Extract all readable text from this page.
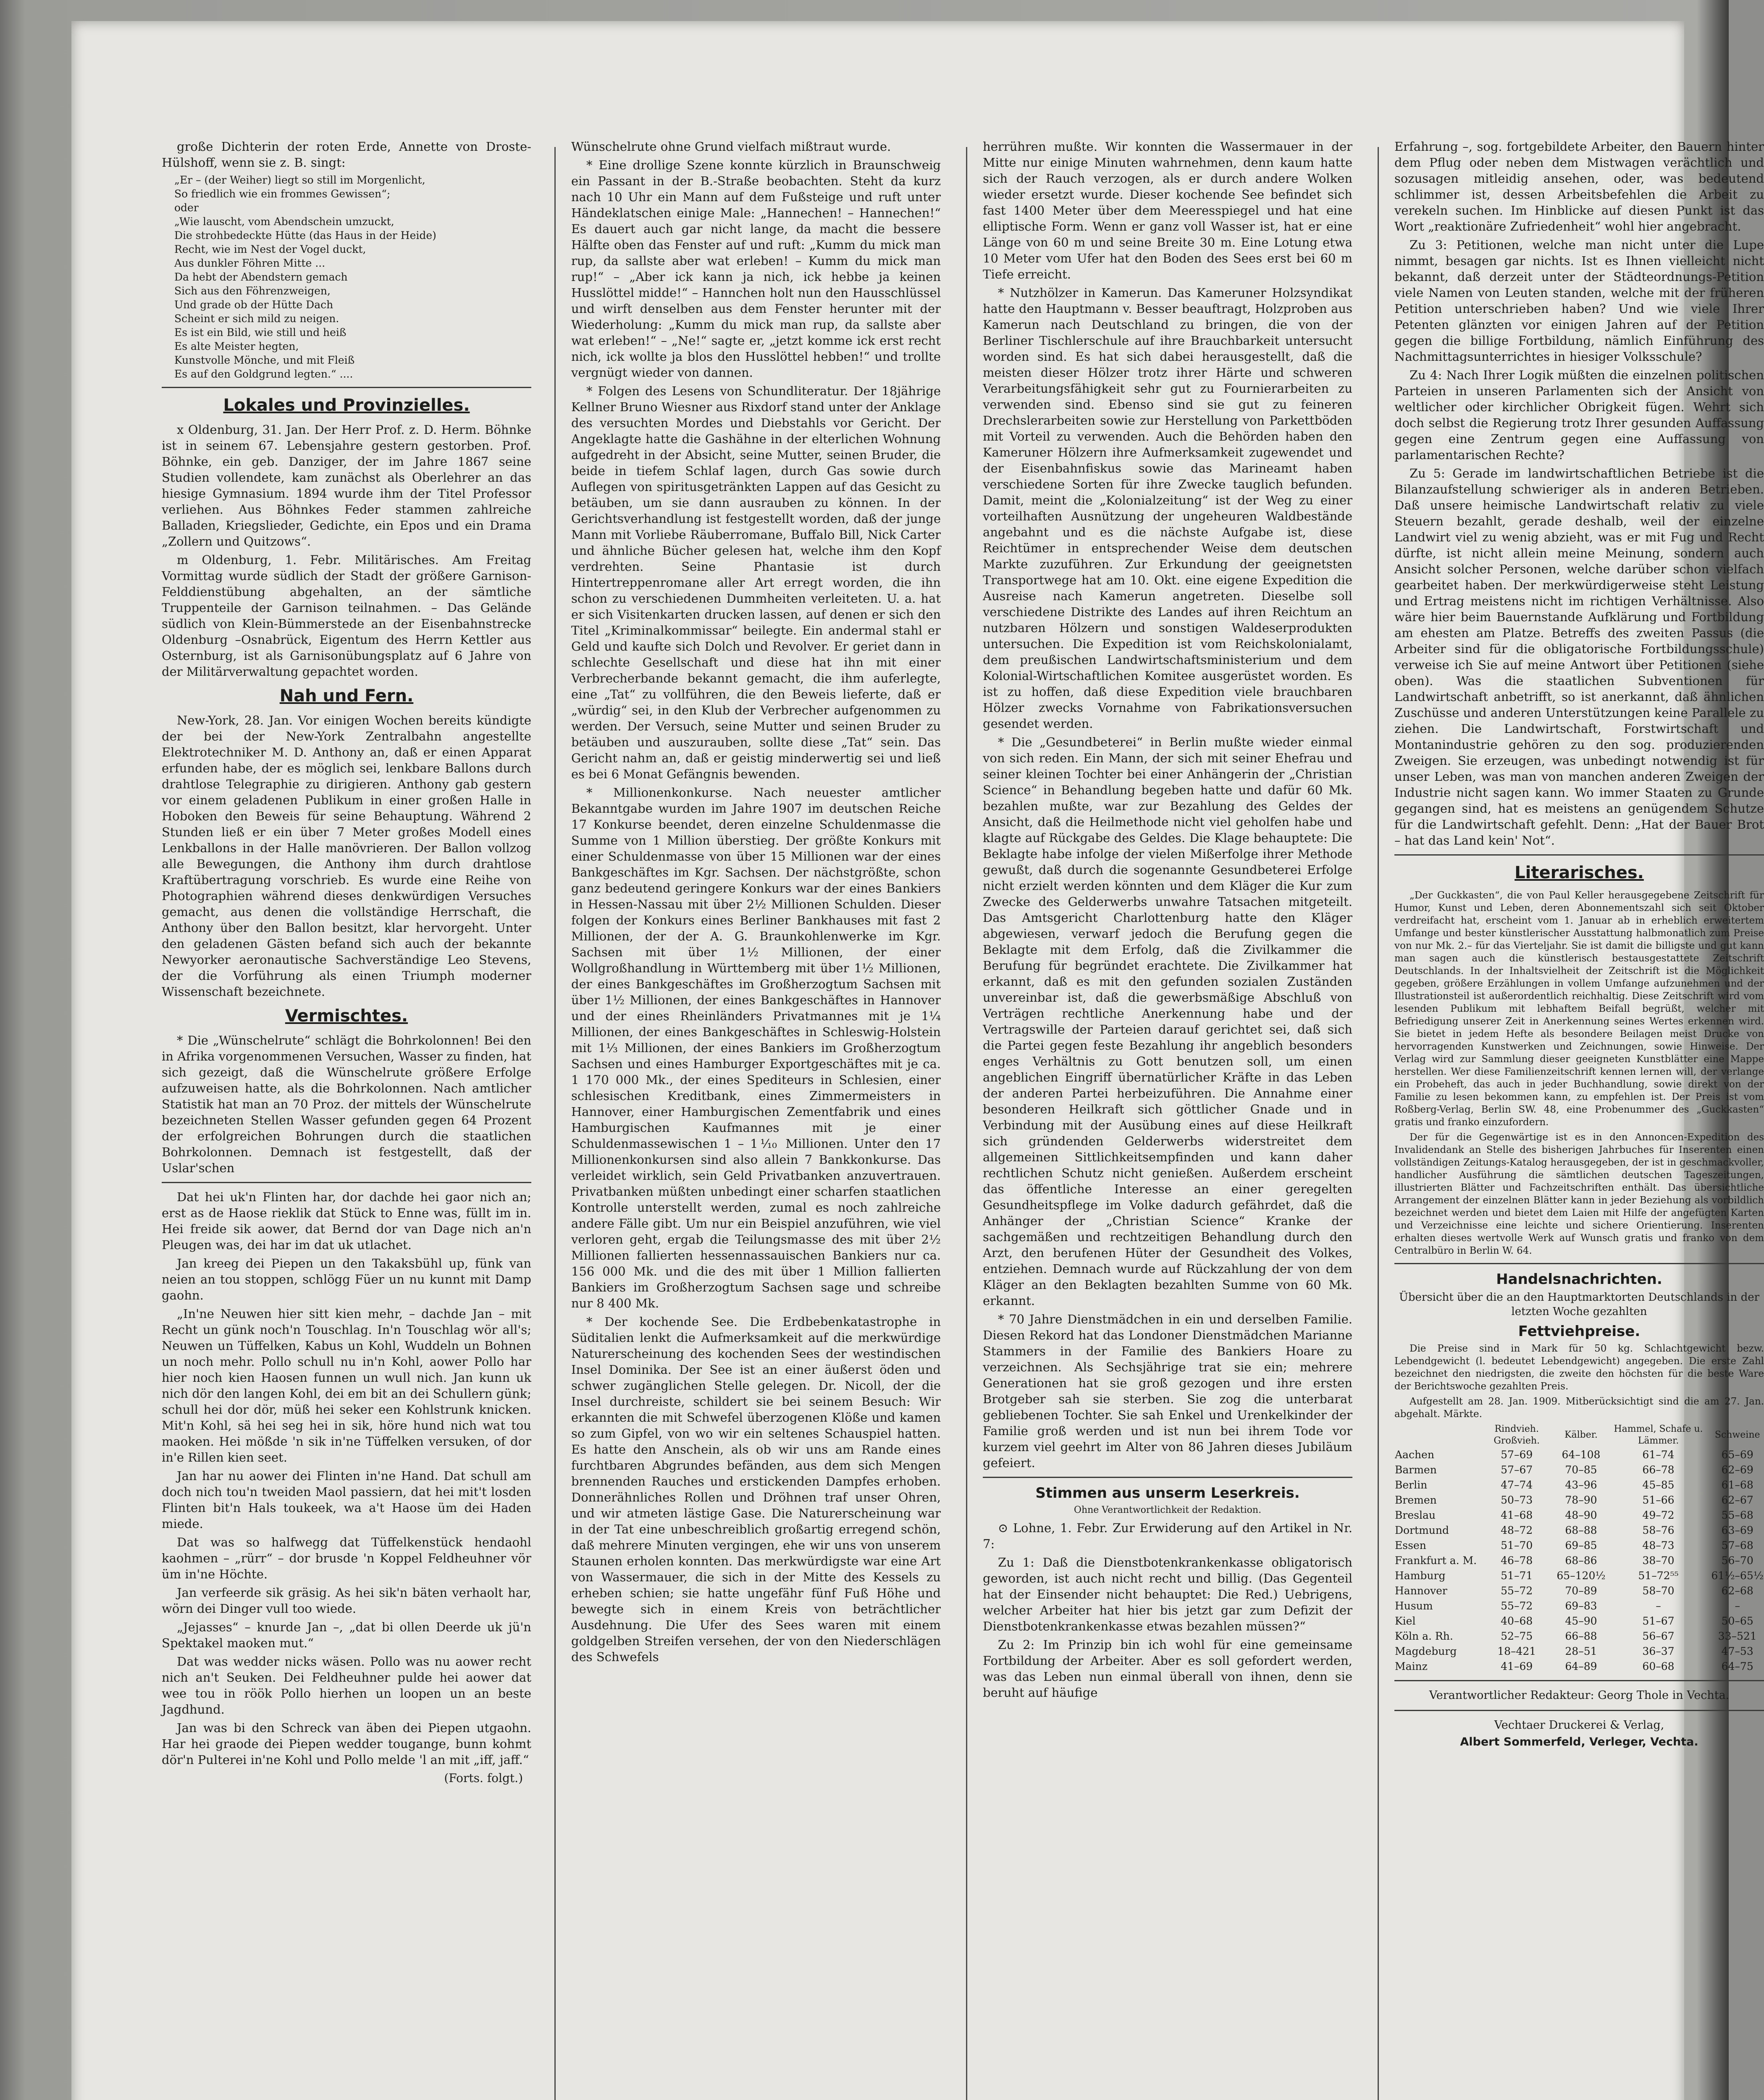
große Dichterin der roten Erde, Annette von Droste-Hülshoff, wenn sie z. B. singt:

„Er – (der Weiher) liegt so still im Morgenlicht,
So friedlich wie ein frommes Gewissen“;
oder
„Wie lauscht, vom Abendschein umzuckt,
Die strohbedeckte Hütte (das Haus in der Heide)
Recht, wie im Nest der Vogel duckt,
Aus dunkler Föhren Mitte ...
Da hebt der Abendstern gemach
Sich aus den Föhrenzweigen,
Und grade ob der Hütte Dach
Scheint er sich mild zu neigen.
Es ist ein Bild, wie still und heiß
Es alte Meister hegten,
Kunstvolle Mönche, und mit Fleiß
Es auf den Goldgrund legten.“ ....
Lokales und Provinzielles.

x Oldenburg, 31. Jan. Der Herr Prof. z. D. Herm. Böhnke ist in seinem 67. Lebensjahre gestern gestorben. Prof. Böhnke, ein geb. Danziger, der im Jahre 1867 seine Studien vollendete, kam zunächst als Oberlehrer an das hiesige Gymnasium. 1894 wurde ihm der Titel Professor verliehen. Aus Böhnkes Feder stammen zahlreiche Balladen, Kriegslieder, Gedichte, ein Epos und ein Drama „Zollern und Quitzows“.

m Oldenburg, 1. Febr. Militärisches. Am Freitag Vormittag wurde südlich der Stadt der größere Garnison-Felddienstübung abgehalten, an der sämtliche Truppenteile der Garnison teilnahmen. – Das Gelände südlich von Klein-Bümmerstede an der Eisenbahnstrecke Oldenburg –Osnabrück, Eigentum des Herrn Kettler aus Osternburg, ist als Garnisonübungsplatz auf 6 Jahre von der Militärverwaltung gepachtet worden.

Nah und Fern.

New-York, 28. Jan. Vor einigen Wochen bereits kündigte der bei der New-York Zentralbahn angestellte Elektrotechniker M. D. Anthony an, daß er einen Apparat erfunden habe, der es möglich sei, lenkbare Ballons durch drahtlose Telegraphie zu dirigieren. Anthony gab gestern vor einem geladenen Publikum in einer großen Halle in Hoboken den Beweis für seine Behauptung. Während 2 Stunden ließ er ein über 7 Meter großes Modell eines Lenkballons in der Halle manövrieren. Der Ballon vollzog alle Bewegungen, die Anthony ihm durch drahtlose Kraftübertragung vorschrieb. Es wurde eine Reihe von Photographien während dieses denkwürdigen Versuches gemacht, aus denen die vollständige Herrschaft, die Anthony über den Ballon besitzt, klar hervorgeht. Unter den geladenen Gästen befand sich auch der bekannte Newyorker aeronautische Sachverständige Leo Stevens, der die Vorführung als einen Triumph moderner Wissenschaft bezeichnete.

Vermischtes.

* Die „Wünschelrute“ schlägt die Bohrkolonnen! Bei den in Afrika vorgenommenen Versuchen, Wasser zu finden, hat sich gezeigt, daß die Wünschelrute größere Erfolge aufzuweisen hatte, als die Bohrkolonnen. Nach amtlicher Statistik hat man an 70 Proz. der mittels der Wünschelrute bezeichneten Stellen Wasser gefunden gegen 64 Prozent der erfolgreichen Bohrungen durch die staatlichen Bohrkolonnen. Demnach ist festgestellt, daß der Uslar'schen

Dat hei uk'n Flinten har, dor dachde hei gaor nich an; erst as de Haose rieklik dat Stück to Enne was, füllt im in. Hei freide sik aower, dat Bernd dor van Dage nich an'n Pleugen was, dei har im dat uk utlachet.

Jan kreeg dei Piepen un den Takaksbühl up, fünk van neien an tou stoppen, schlögg Füer un nu kunnt mit Damp gaohn.

„In'ne Neuwen hier sitt kien mehr, – dachde Jan – mit Recht un günk noch'n Touschlag. In'n Touschlag wör all's; Neuwen un Tüffelken, Kabus un Kohl, Wuddeln un Bohnen un noch mehr. Pollo schull nu in'n Kohl, aower Pollo har hier noch kien Haosen funnen un wull nich. Jan kunn uk nich dör den langen Kohl, dei em bit an dei Schullern günk; schull hei dor dör, müß hei seker een Kohlstrunk knicken. Mit'n Kohl, sä hei seg hei in sik, höre hund nich wat tou maoken. Hei mößde 'n sik in'ne Tüffelken versuken, of dor in'e Rillen kien seet.

Jan har nu aower dei Flinten in'ne Hand. Dat schull am doch nich tou'n tweiden Maol passiern, dat hei mit't losden Flinten bit'n Hals toukeek, wa a't Haose üm dei Haden miede.

Dat was so halfwegg dat Tüffelkenstück hendaohl kaohmen – „rürr“ – dor brusde 'n Koppel Feldheuhner vör üm in'ne Höchte.

Jan verfeerde sik gräsig. As hei sik'n bäten verhaolt har, wörn dei Dinger vull too wiede.

„Jejasses“ – knurde Jan –, „dat bi ollen Deerde uk jü'n Spektakel maoken mut.“

Dat was wedder nicks wäsen. Pollo was nu aower recht nich an't Seuken. Dei Feldheuhner pulde hei aower dat wee tou in röök Pollo hierhen un loopen un an beste Jagdhund.

Jan was bi den Schreck van äben dei Piepen utgaohn. Har hei graode dei Piepen wedder tougange, bunn kohmt dör'n Pulterei in'ne Kohl und Pollo melde 'l an mit „iff, jaff.“

(Forts. folgt.)

Wünschelrute ohne Grund vielfach mißtraut wurde.

* Eine drollige Szene konnte kürzlich in Braunschweig ein Passant in der B.-Straße beobachten. Steht da kurz nach 10 Uhr ein Mann auf dem Fußsteige und ruft unter Händeklatschen einige Male: „Hannechen! – Hannechen!“ Es dauert auch gar nicht lange, da macht die bessere Hälfte oben das Fenster auf und ruft: „Kumm du mick man rup, da sallste aber wat erleben! – Kumm du mick man rup!“ – „Aber ick kann ja nich, ick hebbe ja keinen Husslöttel midde!“ – Hannchen holt nun den Hausschlüssel und wirft denselben aus dem Fenster herunter mit der Wiederholung: „Kumm du mick man rup, da sallste aber wat erleben!“ – „Ne!“ sagte er, „jetzt komme ick erst recht nich, ick wollte ja blos den Husslöttel hebben!“ und trollte vergnügt wieder von dannen.

* Folgen des Lesens von Schundliteratur. Der 18jährige Kellner Bruno Wiesner aus Rixdorf stand unter der Anklage des versuchten Mordes und Diebstahls vor Gericht. Der Angeklagte hatte die Gashähne in der elterlichen Wohnung aufgedreht in der Absicht, seine Mutter, seinen Bruder, die beide in tiefem Schlaf lagen, durch Gas sowie durch Auflegen von spiritusgetränkten Lappen auf das Gesicht zu betäuben, um sie dann ausrauben zu können. In der Gerichtsverhandlung ist festgestellt worden, daß der junge Mann mit Vorliebe Räuberromane, Buffalo Bill, Nick Carter und ähnliche Bücher gelesen hat, welche ihm den Kopf verdrehten. Seine Phantasie ist durch Hintertreppenromane aller Art erregt worden, die ihn schon zu verschiedenen Dummheiten verleiteten. U. a. hat er sich Visitenkarten drucken lassen, auf denen er sich den Titel „Kriminalkommissar“ beilegte. Ein andermal stahl er Geld und kaufte sich Dolch und Revolver. Er geriet dann in schlechte Gesellschaft und diese hat ihn mit einer Verbrecherbande bekannt gemacht, die ihm auferlegte, eine „Tat“ zu vollführen, die den Beweis lieferte, daß er „würdig“ sei, in den Klub der Verbrecher aufgenommen zu werden. Der Versuch, seine Mutter und seinen Bruder zu betäuben und auszurauben, sollte diese „Tat“ sein. Das Gericht nahm an, daß er geistig minderwertig sei und ließ es bei 6 Monat Gefängnis bewenden.

* Millionenkonkurse. Nach neuester amtlicher Bekanntgabe wurden im Jahre 1907 im deutschen Reiche 17 Konkurse beendet, deren einzelne Schuldenmasse die Summe von 1 Million überstieg. Der größte Konkurs mit einer Schuldenmasse von über 15 Millionen war der eines Bankgeschäftes im Kgr. Sachsen. Der nächstgrößte, schon ganz bedeutend geringere Konkurs war der eines Bankiers in Hessen-Nassau mit über 2½ Millionen Schulden. Dieser folgen der Konkurs eines Berliner Bankhauses mit fast 2 Millionen, der der A. G. Braunkohlenwerke im Kgr. Sachsen mit über 1½ Millionen, der einer Wollgroßhandlung in Württemberg mit über 1½ Millionen, der eines Bankgeschäftes im Großherzogtum Sachsen mit über 1½ Millionen, der eines Bankgeschäftes in Hannover und der eines Rheinländers Privatmannes mit je 1¼ Millionen, der eines Bankgeschäftes in Schleswig-Holstein mit 1⅓ Millionen, der eines Bankiers im Großherzogtum Sachsen und eines Hamburger Exportgeschäftes mit je ca. 1 170 000 Mk., der eines Spediteurs in Schlesien, einer schlesischen Kreditbank, eines Zimmermeisters in Hannover, einer Hamburgischen Zementfabrik und eines Hamburgischen Kaufmannes mit je einer Schuldenmassewischen 1 – 1⅒ Millionen. Unter den 17 Millionenkonkursen sind also allein 7 Bankkonkurse. Das verleidet wirklich, sein Geld Privatbanken anzuvertrauen. Privatbanken müßten unbedingt einer scharfen staatlichen Kontrolle unterstellt werden, zumal es noch zahlreiche andere Fälle gibt. Um nur ein Beispiel anzuführen, wie viel verloren geht, ergab die Teilungsmasse des mit über 2½ Millionen fallierten hessennassauischen Bankiers nur ca. 156 000 Mk. und die des mit über 1 Million fallierten Bankiers im Großherzogtum Sachsen sage und schreibe nur 8 400 Mk.

* Der kochende See. Die Erdbebenkatastrophe in Süditalien lenkt die Aufmerksamkeit auf die merkwürdige Naturerscheinung des kochenden Sees der westindischen Insel Dominika. Der See ist an einer äußerst öden und schwer zugänglichen Stelle gelegen. Dr. Nicoll, der die Insel durchreiste, schildert sie bei seinem Besuch: Wir erkannten die mit Schwefel überzogenen Klöße und kamen so zum Gipfel, von wo wir ein seltenes Schauspiel hatten. Es hatte den Anschein, als ob wir uns am Rande eines furchtbaren Abgrundes befänden, aus dem sich Mengen brennenden Rauches und erstickenden Dampfes erhoben. Donnerähnliches Rollen und Dröhnen traf unser Ohren, und wir atmeten lästige Gase. Die Naturerscheinung war in der Tat eine unbeschreiblich großartig erregend schön, daß mehrere Minuten vergingen, ehe wir uns von unserem Staunen erholen konnten. Das merkwürdigste war eine Art von Wassermauer, die sich in der Mitte des Kessels zu erheben schien; sie hatte ungefähr fünf Fuß Höhe und bewegte sich in einem Kreis von beträchtlicher Ausdehnung. Die Ufer des Sees waren mit einem goldgelben Streifen versehen, der von den Niederschlägen des Schwefels

herrühren mußte. Wir konnten die Wassermauer in der Mitte nur einige Minuten wahrnehmen, denn kaum hatte sich der Rauch verzogen, als er durch andere Wolken wieder ersetzt wurde. Dieser kochende See befindet sich fast 1400 Meter über dem Meeresspiegel und hat eine elliptische Form. Wenn er ganz voll Wasser ist, hat er eine Länge von 60 m und seine Breite 30 m. Eine Lotung etwa 10 Meter vom Ufer hat den Boden des Sees erst bei 60 m Tiefe erreicht.

* Nutzhölzer in Kamerun. Das Kameruner Holzsyndikat hatte den Hauptmann v. Besser beauftragt, Holzproben aus Kamerun nach Deutschland zu bringen, die von der Berliner Tischlerschule auf ihre Brauchbarkeit untersucht worden sind. Es hat sich dabei herausgestellt, daß die meisten dieser Hölzer trotz ihrer Härte und schweren Verarbeitungsfähigkeit sehr gut zu Fournierarbeiten zu verwenden sind. Ebenso sind sie gut zu feineren Drechslerarbeiten sowie zur Herstellung von Parkettböden mit Vorteil zu verwenden. Auch die Behörden haben den Kameruner Hölzern ihre Aufmerksamkeit zugewendet und der Eisenbahnfiskus sowie das Marineamt haben verschiedene Sorten für ihre Zwecke tauglich befunden. Damit, meint die „Kolonialzeitung“ ist der Weg zu einer vorteilhaften Ausnützung der ungeheuren Waldbestände angebahnt und es die nächste Aufgabe ist, diese Reichtümer in entsprechender Weise dem deutschen Markte zuzuführen. Zur Erkundung der geeignetsten Transportwege hat am 10. Okt. eine eigene Expedition die Ausreise nach Kamerun angetreten. Dieselbe soll verschiedene Distrikte des Landes auf ihren Reichtum an nutzbaren Hölzern und sonstigen Waldeserprodukten untersuchen. Die Expedition ist vom Reichskolonialamt, dem preußischen Landwirtschaftsministerium und dem Kolonial-Wirtschaftlichen Komitee ausgerüstet worden. Es ist zu hoffen, daß diese Expedition viele brauchbaren Hölzer zwecks Vornahme von Fabrikationsversuchen gesendet werden.

* Die „Gesundbeterei“ in Berlin mußte wieder einmal von sich reden. Ein Mann, der sich mit seiner Ehefrau und seiner kleinen Tochter bei einer Anhängerin der „Christian Science“ in Behandlung begeben hatte und dafür 60 Mk. bezahlen mußte, war zur Bezahlung des Geldes der Ansicht, daß die Heilmethode nicht viel geholfen habe und klagte auf Rückgabe des Geldes. Die Klage behauptete: Die Beklagte habe infolge der vielen Mißerfolge ihrer Methode gewußt, daß durch die sogenannte Gesundbeterei Erfolge nicht erzielt werden könnten und dem Kläger die Kur zum Zwecke des Gelderwerbs unwahre Tatsachen mitgeteilt. Das Amtsgericht Charlottenburg hatte den Kläger abgewiesen, verwarf jedoch die Berufung gegen die Beklagte mit dem Erfolg, daß die Zivilkammer die Berufung für begründet erachtete. Die Zivilkammer hat erkannt, daß es mit den gefunden sozialen Zuständen unvereinbar ist, daß die gewerbsmäßige Abschluß von Verträgen rechtliche Anerkennung habe und der Vertragswille der Parteien darauf gerichtet sei, daß sich die Partei gegen feste Bezahlung ihr angeblich besonders enges Verhältnis zu Gott benutzen soll, um einen angeblichen Eingriff übernatürlicher Kräfte in das Leben der anderen Partei herbeizuführen. Die Annahme einer besonderen Heilkraft sich göttlicher Gnade und in Verbindung mit der Ausübung eines auf diese Heilkraft sich gründenden Gelderwerbs widerstreitet dem allgemeinen Sittlichkeitsempfinden und kann daher rechtlichen Schutz nicht genießen. Außerdem erscheint das öffentliche Interesse an einer geregelten Gesundheitspflege im Volke dadurch gefährdet, daß die Anhänger der „Christian Science“ Kranke der sachgemäßen und rechtzeitigen Behandlung durch den Arzt, den berufenen Hüter der Gesundheit des Volkes, entziehen. Demnach wurde auf Rückzahlung der von dem Kläger an den Beklagten bezahlten Summe von 60 Mk. erkannt.

* 70 Jahre Dienstmädchen in ein und derselben Familie. Diesen Rekord hat das Londoner Dienstmädchen Marianne Stammers in der Familie des Bankiers Hoare zu verzeichnen. Als Sechsjährige trat sie ein; mehrere Generationen hat sie groß gezogen und ihre ersten Brotgeber sah sie sterben. Sie zog die unterbarat gebliebenen Tochter. Sie sah Enkel und Urenkelkinder der Familie groß werden und ist nun bei ihrem Tode vor kurzem viel geehrt im Alter von 86 Jahren dieses Jubiläum gefeiert.

Stimmen aus unserm Leserkreis.

Ohne Verantwortlichkeit der Redaktion.

⊙ Lohne, 1. Febr. Zur Erwiderung auf den Artikel in Nr. 7:

Zu 1: Daß die Dienstbotenkrankenkasse obligatorisch geworden, ist auch nicht recht und billig. (Das Gegenteil hat der Einsender nicht behauptet: Die Red.) Uebrigens, welcher Arbeiter hat hier bis jetzt gar zum Defizit der Dienstbotenkrankenkasse etwas bezahlen müssen?“

Zu 2: Im Prinzip bin ich wohl für eine gemeinsame Fortbildung der Arbeiter. Aber es soll gefordert werden, was das Leben nun einmal überall von ihnen, denn sie beruht auf häufige

Erfahrung –, sog. fortgebildete Arbeiter, den Bauern hinter dem Pflug oder neben dem Mistwagen verächtlich und sozusagen mitleidig ansehen, oder, was bedeutend schlimmer ist, dessen Arbeitsbefehlen die Arbeit zu verekeln suchen. Im Hinblicke auf diesen Punkt ist das Wort „reaktionäre Zufriedenheit“ wohl hier angebracht.

Zu 3: Petitionen, welche man nicht unter die Lupe nimmt, besagen gar nichts. Ist es Ihnen vielleicht nicht bekannt, daß derzeit unter der Städteordnungs-Petition viele Namen von Leuten standen, welche mit der früheren Petition unterschrieben haben? Und wie viele Ihrer Petenten glänzten vor einigen Jahren auf der Petition gegen die billige Fortbildung, nämlich Einführung des Nachmittagsunterrichtes in hiesiger Volksschule?

Zu 4: Nach Ihrer Logik müßten die einzelnen politischen Parteien in unseren Parlamenten sich der Ansicht von weltlicher oder kirchlicher Obrigkeit fügen. Wehrt sich doch selbst die Regierung trotz Ihrer gesunden Auffassung gegen eine Zentrum gegen eine Auffassung von parlamentarischen Rechte?

Zu 5: Gerade im landwirtschaftlichen Betriebe ist die Bilanzaufstellung schwieriger als in anderen Betrieben. Daß unsere heimische Landwirtschaft relativ zu viele Steuern bezahlt, gerade deshalb, weil der einzelne Landwirt viel zu wenig abzieht, was er mit Fug und Recht dürfte, ist nicht allein meine Meinung, sondern auch Ansicht solcher Personen, welche darüber schon vielfach gearbeitet haben. Der merkwürdigerweise steht Leistung und Ertrag meistens nicht im richtigen Verhältnisse. Also wäre hier beim Bauernstande Aufklärung und Fortbildung am ehesten am Platze. Betreffs des zweiten Passus (die Arbeiter sind für die obligatorische Fortbildungsschule) verweise ich Sie auf meine Antwort über Petitionen (siehe oben). Was die staatlichen Subventionen für Landwirtschaft anbetrifft, so ist anerkannt, daß ähnlichen Zuschüsse und anderen Unterstützungen keine Parallele zu ziehen. Die Landwirtschaft, Forstwirtschaft und Montanindustrie gehören zu den sog. produzierenden Zweigen. Sie erzeugen, was unbedingt notwendig ist für unser Leben, was man von manchen anderen Zweigen der Industrie nicht sagen kann. Wo immer Staaten zu Grunde gegangen sind, hat es meistens an genügendem Schutze für die Landwirtschaft gefehlt. Denn: „Hat der Bauer Brot – hat das Land kein' Not“.

Literarisches.

„Der Guckkasten“, die von Paul Keller herausgegebene Zeitschrift für Humor, Kunst und Leben, deren Abonnementszahl sich seit Oktober verdreifacht hat, erscheint vom 1. Januar ab in erheblich erweitertem Umfange und bester künstlerischer Ausstattung halbmonatlich zum Preise von nur Mk. 2.– für das Vierteljahr. Sie ist damit die billigste und gut kann man sagen auch die künstlerisch bestausgestattete Zeitschrift Deutschlands. In der Inhaltsvielheit der Zeitschrift ist die Möglichkeit gegeben, größere Erzählungen in vollem Umfange aufzunehmen und der Illustrationsteil ist außerordentlich reichhaltig. Diese Zeitschrift wird vom lesenden Publikum mit lebhaftem Beifall begrüßt, welcher mit Befriedigung unserer Zeit in Anerkennung seines Wertes erkennen wird. Sie bietet in jedem Hefte als besondere Beilagen meist Drucke von hervorragenden Kunstwerken und Zeichnungen, sowie Hinweise. Der Verlag wird zur Sammlung dieser geeigneten Kunstblätter eine Mappe herstellen. Wer diese Familienzeitschrift kennen lernen will, der verlange ein Probeheft, das auch in jeder Buchhandlung, sowie direkt von der Familie zu lesen bekommen kann, zu empfehlen ist. Der Preis ist vom Roßberg-Verlag, Berlin SW. 48, eine Probenummer des „Guckkasten“ gratis und franko einzufordern.

Der für die Gegenwärtige ist es in den Annoncen-Expedition des Invalidendank an Stelle des bisherigen Jahrbuches für Inserenten einen vollständigen Zeitungs-Katalog herausgegeben, der ist in geschmackvoller, handlicher Ausführung die sämtlichen deutschen Tageszeitungen, illustrierten Blätter und Fachzeitschriften enthält. Das übersichtliche Arrangement der einzelnen Blätter kann in jeder Beziehung als vorbildlich bezeichnet werden und bietet dem Laien mit Hilfe der angefügten Karten und Verzeichnisse eine leichte und sichere Orientierung. Inserenten erhalten dieses wertvolle Werk auf Wunsch gratis und franko von dem Centralbüro in Berlin W. 64.

Handelsnachrichten.

Übersicht über die an den Hauptmarktorten Deutschlands in der letzten Woche gezahlten

Fettviehpreise.

Die Preise sind in Mark für 50 kg. Schlachtgewicht bezw. Lebendgewicht (l. bedeutet Lebendgewicht) angegeben. Die erste Zahl bezeichnet den niedrigsten, die zweite den höchsten für die beste Ware der Berichtswoche gezahlten Preis.

Aufgestellt am 28. Jan. 1909. Mitberücksichtigt sind die am 27. Jan. abgehalt. Märkte.

	Rindvieh. Großvieh.	Kälber.	Hammel, Schafe u. Lämmer.	Schweine
Aachen	57–69	64–108	61–74	65–69
Barmen	57–67	70–85	66–78	62–69
Berlin	47–74	43–96	45–85	61–68
Bremen	50–73	78–90	51–66	62–67
Breslau	41–68	48–90	49–72	55–68
Dortmund	48–72	68–88	58–76	63–69
Essen	51–70	69–85	48–73	57–68
Frankfurt a. M.	46–78	68–86	38–70	56–70
Hamburg	51–71	65–120½	51–72⁵⁵	61½–65½
Hannover	55–72	70–89	58–70	62–68
Husum	55–72	69–83	–	–
Kiel	40–68	45–90	51–67	50–65
Köln a. Rh.	52–75	66–88	56–67	33–521
Magdeburg	18–421	28–51	36–37	47–53
Mainz	41–69	64–89	60–68	64–75
Verantwortlicher Redakteur: Georg Thole in Vechta.
Vechtaer Druckerei & Verlag,
Albert Sommerfeld, Verleger, Vechta.
